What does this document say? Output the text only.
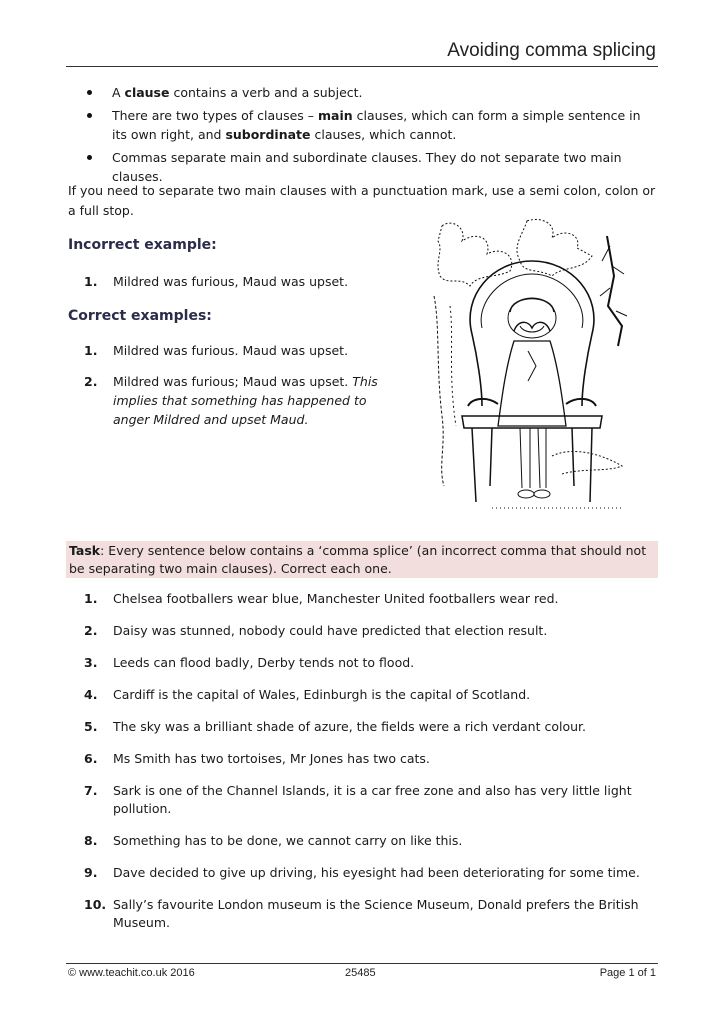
Avoiding comma splicing
A clause contains a verb and a subject.
There are two types of clauses – main clauses, which can form a simple sentence in its own right, and subordinate clauses, which cannot.
Commas separate main and subordinate clauses. They do not separate two main clauses.

If you need to separate two main clauses with a punctuation mark, use a semi colon, colon or a full stop.

Incorrect example:
1. Mildred was furious, Maud was upset.
Correct examples:
1. Mildred was furious. Maud was upset.
2. Mildred was furious; Maud was upset. This implies that something has happened to anger Mildred and upset Maud.

Task: Every sentence below contains a ‘comma splice’ (an incorrect comma that should not be separating two main clauses). Correct each one.

1. Chelsea footballers wear blue, Manchester United footballers wear red.
2. Daisy was stunned, nobody could have predicted that election result.
3. Leeds can flood badly, Derby tends not to flood.
4. Cardiff is the capital of Wales, Edinburgh is the capital of Scotland.
5. The sky was a brilliant shade of azure, the fields were a rich verdant colour.
6. Ms Smith has two tortoises, Mr Jones has two cats.
7. Sark is one of the Channel Islands, it is a car free zone and also has very little light pollution.
8. Something has to be done, we cannot carry on like this.
9. Dave decided to give up driving, his eyesight had been deteriorating for some time.
10. Sally’s favourite London museum is the Science Museum, Donald prefers the British Museum.
© www.teachit.co.uk 2016	25485	Page 1 of 1
